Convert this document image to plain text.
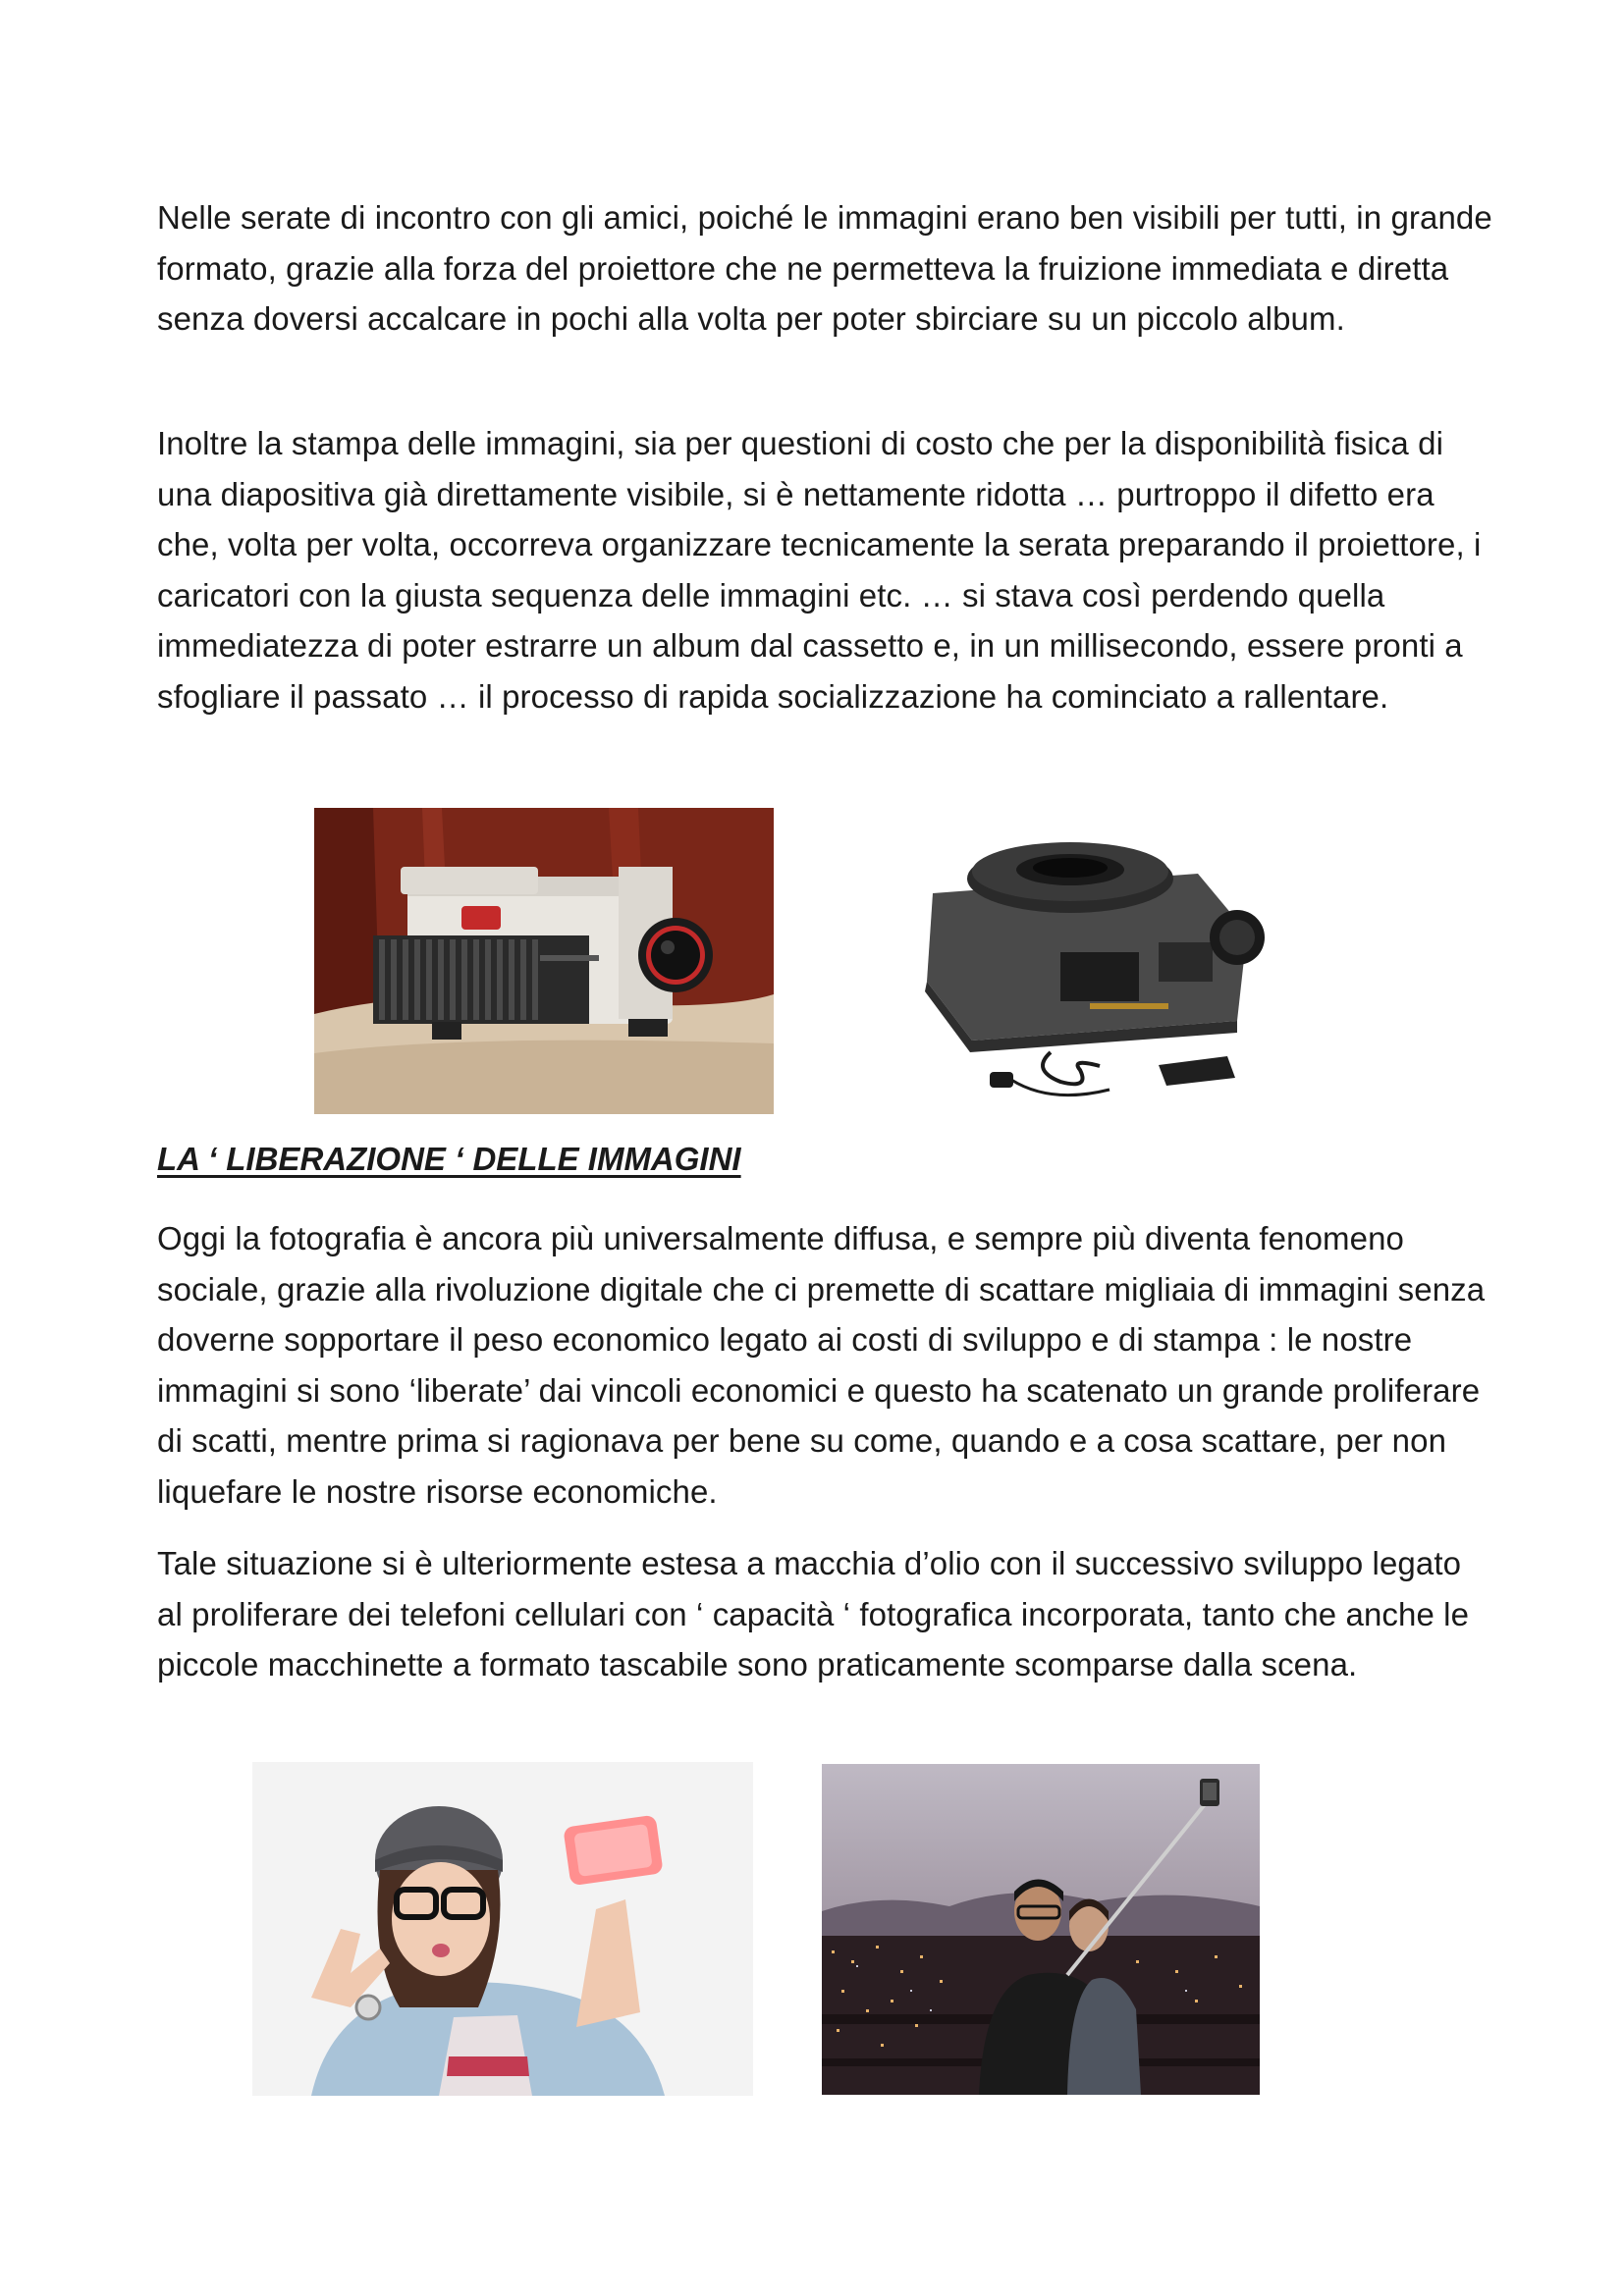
Nelle serate di incontro con gli amici, poiché le immagini erano ben visibili per tutti, in grande formato, grazie alla forza del proiettore che ne permetteva la fruizione immediata e diretta senza doversi accalcare in pochi alla volta per poter sbirciare su un piccolo album.

Inoltre la stampa delle immagini, sia per questioni di costo che per la disponibilità fisica di una diapositiva già direttamente visibile, si è nettamente ridotta … purtroppo il difetto era che, volta per volta, occorreva organizzare tecnicamente la serata preparando il proiettore, i caricatori con la giusta sequenza delle immagini etc. … si stava così perdendo quella immediatezza di poter estrarre un album dal cassetto e, in un millisecondo, essere pronti a sfogliare il passato … il processo di rapida socializzazione ha cominciato a rallentare.

LA ‘ LIBERAZIONE ‘ DELLE IMMAGINI

Oggi la fotografia è ancora più universalmente diffusa, e sempre più diventa fenomeno sociale, grazie alla rivoluzione digitale che ci premette di scattare migliaia di immagini senza doverne sopportare il peso economico legato ai costi di sviluppo e di stampa : le nostre immagini si sono ‘liberate’ dai vincoli economici e questo ha scatenato un grande proliferare di scatti, mentre prima si ragionava per bene su come, quando e a cosa scattare, per non liquefare le nostre risorse economiche.

Tale situazione si è ulteriormente estesa a macchia d’olio con il successivo sviluppo legato al proliferare dei telefoni cellulari con ‘ capacità ‘ fotografica incorporata, tanto che anche le piccole macchinette a formato tascabile sono praticamente scomparse dalla scena.
